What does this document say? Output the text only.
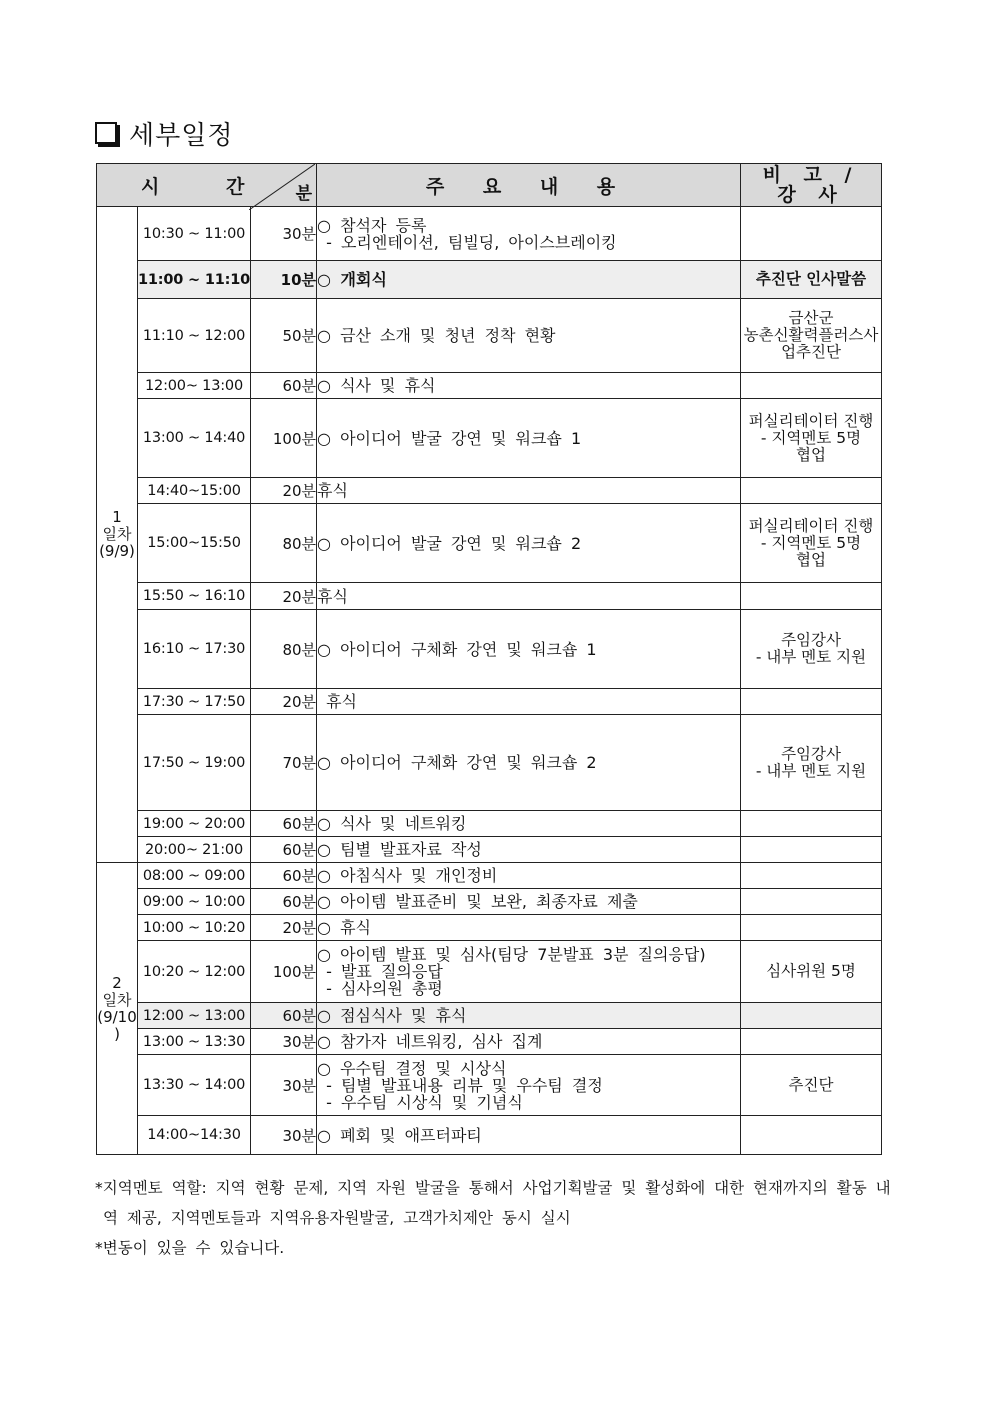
세부일정
시 간 분			주 요 내 용	비 고 /
강 사

1
일차
(9/9)	10:30 ~ 11:00	30분	○ 참석자 등록
- 오리엔테이션, 팀빌딩, 아이스브레이킹	

	11:00 ~ 11:10	10분	○ 개회식	추진단 인사말씀

	11:10 ~ 12:00	50분	○ 금산 소개 및 청년 정착 현황	금산군
농촌신활력플러스사
업추진단

	12:00~ 13:00	60분	○ 식사 및 휴식	

	13:00 ~ 14:40	100분	○ 아이디어 발굴 강연 및 워크숍 1	퍼실리테이터 진행
- 지역멘토 5명
협업

	14:40~15:00	20분	휴식	

	15:00~15:50	80분	○ 아이디어 발굴 강연 및 워크숍 2	퍼실리테이터 진행
- 지역멘토 5명
협업

	15:50 ~ 16:10	20분	휴식	

	16:10 ~ 17:30	80분	○ 아이디어 구체화 강연 및 워크숍 1	주임강사
- 내부 멘토 지원

	17:30 ~ 17:50	20분	휴식	

	17:50 ~ 19:00	70분	○ 아이디어 구체화 강연 및 워크숍 2	주임강사
- 내부 멘토 지원

	19:00 ~ 20:00	60분	○ 식사 및 네트워킹	

	20:00~ 21:00	60분	○ 팀별 발표자료 작성	

2
일차
(9/10
)	08:00 ~ 09:00	60분	○ 아침식사 및 개인정비	

	09:00 ~ 10:00	60분	○ 아이템 발표준비 및 보완, 최종자료 제출	

	10:00 ~ 10:20	20분	○ 휴식	

	10:20 ~ 12:00	100분	○ 아이템 발표 및 심사(팀당 7분발표 3분 질의응답)
- 발표 질의응답
- 심사의원 총평	심사위원 5명

	12:00 ~ 13:00	60분	○ 점심식사 및 휴식	

	13:00 ~ 13:30	30분	○ 참가자 네트워킹, 심사 집계	

	13:30 ~ 14:00	30분	○ 우수팀 결정 및 시상식
- 팀별 발표내용 리뷰 및 우수팀 결정
- 우수팀 시상식 및 기념식	추진단

	14:00~14:30	30분	○ 폐회 및 애프터파티	

*지역멘토 역할: 지역 현황 문제, 지역 자원 발굴을 통해서 사업기획발굴 및 활성화에 대한 현재까지의 활동 내

역 제공, 지역멘토들과 지역유용자원발굴, 고객가치제안 동시 실시

*변동이 있을 수 있습니다.
